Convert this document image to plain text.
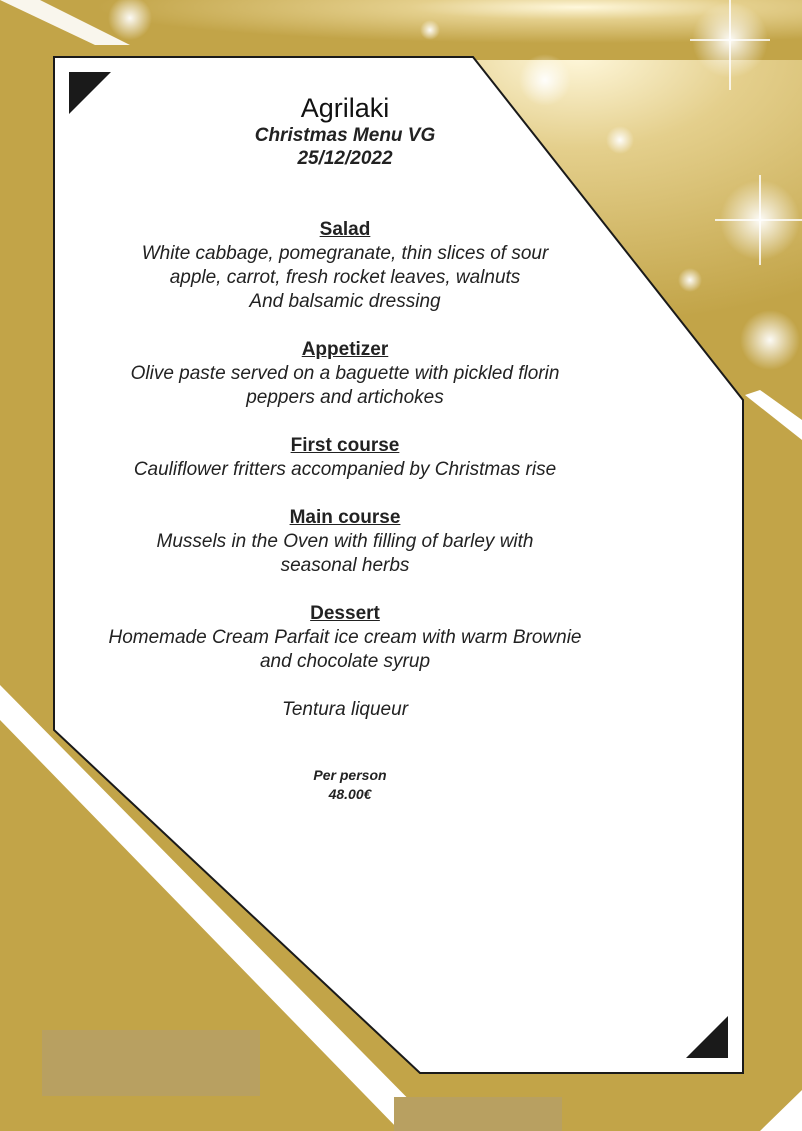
Agrilaki
Christmas Menu VG
25/12/2022
Salad
White cabbage, pomegranate, thin slices of sour
apple, carrot, fresh rocket leaves, walnuts
And balsamic dressing
Appetizer
Olive paste served on a baguette with pickled florin
peppers and artichokes
First course
Cauliflower fritters accompanied by Christmas rise
Main course
Mussels in the Oven with filling of barley with
seasonal herbs
Dessert
Homemade Cream Parfait ice cream with warm Brownie
and chocolate syrup
Tentura liqueur
Per person
48.00€
